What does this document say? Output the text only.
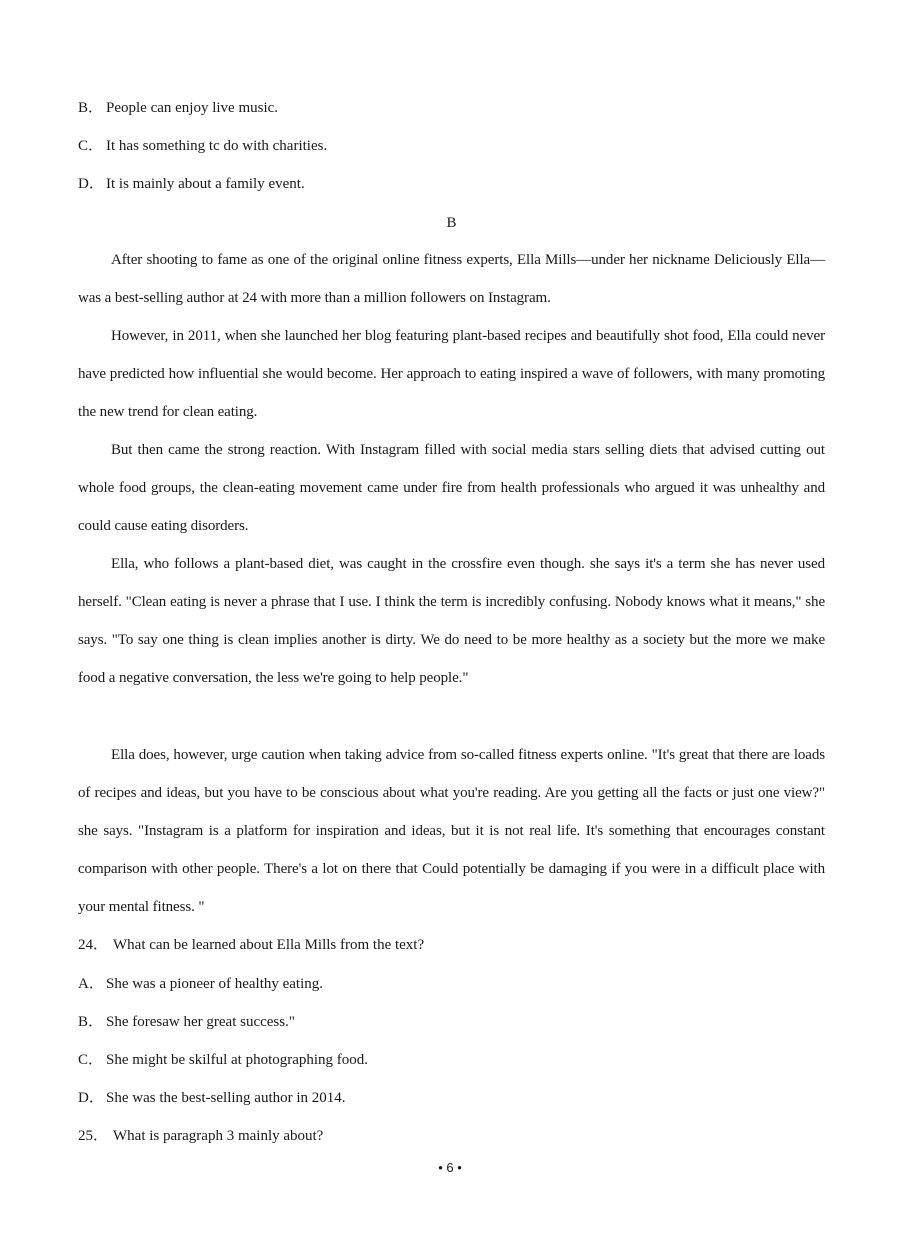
B． People can enjoy live music.
C． It has something tc do with charities.
D． It is mainly about a family event.
B
After shooting to fame as one of the original online fitness experts, Ella Mills—under her nickname Deliciously Ella—was a best-selling author at 24 with more than a million followers on Instagram.
However, in 2011, when she launched her blog featuring plant-based recipes and beautifully shot food, Ella could never have predicted how influential she would become. Her approach to eating inspired a wave of followers, with many promoting the new trend for clean eating.
But then came the strong reaction. With Instagram filled with social media stars selling diets that advised cutting out whole food groups, the clean-eating movement came under fire from health professionals who argued it was unhealthy and could cause eating disorders.
Ella, who follows a plant-based diet, was caught in the crossfire even though. she says it's a term she has never used herself. "Clean eating is never a phrase that I use. I think the term is incredibly confusing. Nobody knows what it means," she says. "To say one thing is clean implies another is dirty. We do need to be more healthy as a society but the more we make food a negative conversation, the less we're going to help people."
Ella does, however, urge caution when taking advice from so-called fitness experts online. "It's great that there are loads of recipes and ideas, but you have to be conscious about what you're reading. Are you getting all the facts or just one view?" she says. "Instagram is a platform for inspiration and ideas, but it is not real life. It's something that encourages constant comparison with other people. There's a lot on there that Could potentially be damaging if you were in a difficult place with your mental fitness. "
24． What can be learned about Ella Mills from the text?
A． She was a pioneer of healthy eating.
B． She foresaw her great success."
C． She might be skilful at photographing food.
D． She was the best-selling author in 2014.
25． What is paragraph 3 mainly about?
• 6 •
